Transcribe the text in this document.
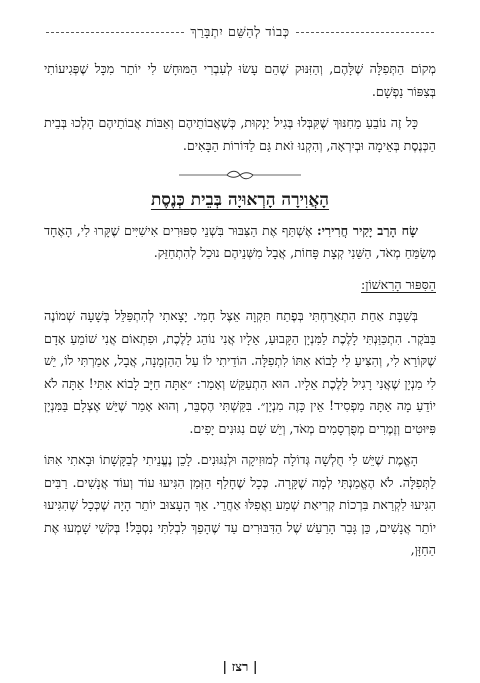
כְּבוֹד לְהַשֵּׁם יִתְבָּרַךְ

מְקוֹם הַתְּפִלָּה שֶׁלָּהֶם, וְהַזִּנּוּק שֶׁהֵם עָשׂוּ לְעִבְרִי הַמּוּחָשׁ לִי יוֹתֵר מִכָּל שֶׁפְּגִיעוֹתִי בְּצִפּוֹר נַפְשָׁם.

כָּל זֶה נוֹבֵעַ מֵחִנּוּךְ שֶׁקִּבְּלוּ בְּגִיל יַנְקוּת, כְּשֶׁאֲבוֹתֵיהֶם וְאַבּוֹת אֲבוֹתֵיהֶם הָלְכוּ בְּבֵית הַכְּנֶסֶת בְּאֵימָה וּבְיִרְאָה, וְהִקְנוּ זֹאת גַּם לַדּוֹרוֹת הַבָּאִים.

הָאֲוִירָה הָרְאוּיָה בְּבֵית כְּנֶסֶת

שָׂח הָרַב יָקִיר חֲרִירִי: אֶשְׁתַּף אֶת הַצִּבּוּר בִּשְׁנֵי סִפּוּרִים אִישִׁיִּים שֶׁקָּרוּ לִי, הָאֶחָד מְשַׂמֵּחַ מְאֹד, הַשֵּׁנִי קְצָת פָּחוֹת, אֲבָל מִשְּׁנֵיהֶם נוּכַל לְהִתְחַזֵּק.

הַסִּפּוּר הָרִאשׁוֹן:

בְּשַׁבָּת אַחַת הִתְאָרַחְתִּי בְּפֶתַח תִּקְוָה אֵצֶל חָמִי. יָצָאתִי לְהִתְפַּלֵּל בְּשָׁעָה שְׁמוֹנֶה בַּבֹּקֶר. הִתְכַּוַּנְתִּי לָלֶכֶת לַמִּנְיָן הַקָּבוּעַ, אֵלָיו אֲנִי נוֹהֵג לָלֶכֶת, וּפִתְאוֹם אֲנִי שׁוֹמֵעַ אָדָם שֶׁקּוֹרֵא לִי, וְהִצִּיעַ לִי לָבוֹא אִתּוֹ לִתְפִלָּה. הוֹדֵיתִי לוֹ עַל הַהַזְמָנָה, אֲבָל, אָמַרְתִּי לוֹ, יֵשׁ לִי מִנְיָן שֶׁאֲנִי רָגִיל לָלֶכֶת אֵלָיו. הוּא הִתְעַקֵּשׁ וְאָמַר: ״אַתָּה חַיָּב לָבוֹא אִתִּי! אַתָּה לֹא יוֹדֵעַ מָה אַתָּה מַפְסִיד! אֵין כָּזֶה מִנְיָן״. בִּקַּשְׁתִּי הֶסְבֵּר, וְהוּא אָמַר שֶׁיֵּשׁ אֶצְלָם בַּמִּנְיָן פִּיּוּטִים וְזֶמֶרִים מְפֻרְסָמִים מְאֹד, וְיֵשׁ שָׁם נִגּוּנִים יָפִים.

הָאֱמֶת שֶׁיֵּשׁ לִי חֻלְשָׁה גְּדוֹלָה לְמוּזִיקָה וּלְנִגּוּנִים. לָכֵן נֶעֱנֵיתִי לְבַקָּשָׁתוֹ וּבָאתִי אִתּוֹ לַתְּפִלָּה. לֹא הֶאֱמַנְתִּי לְמָה שֶׁקָּרָה. כְּכָל שֶׁחָלַף הַזְּמַן הִגִּיעוּ עוֹד וְעוֹד אֲנָשִׁים. רַבִּים הִגִּיעוּ לִקְרַאת בִּרְכוֹת קְרִיאַת שְׁמַע וַאֲפִלּוּ אַחֲרֵי. אַךְ הָעָצוּב יוֹתֵר הָיָה שֶׁכְּכָל שֶׁהִגִּיעוּ יוֹתֵר אֲנָשִׁים, כֵּן גָּבַר הָרַעַשׁ שֶׁל הַדִּבּוּרִים עַד שֶׁהָפַךְ לִבְלִתִּי נִסְבָּל! בְּקֹשִׁי שָׁמְעוּ אֶת הַחַזָּן,

| רצז |
